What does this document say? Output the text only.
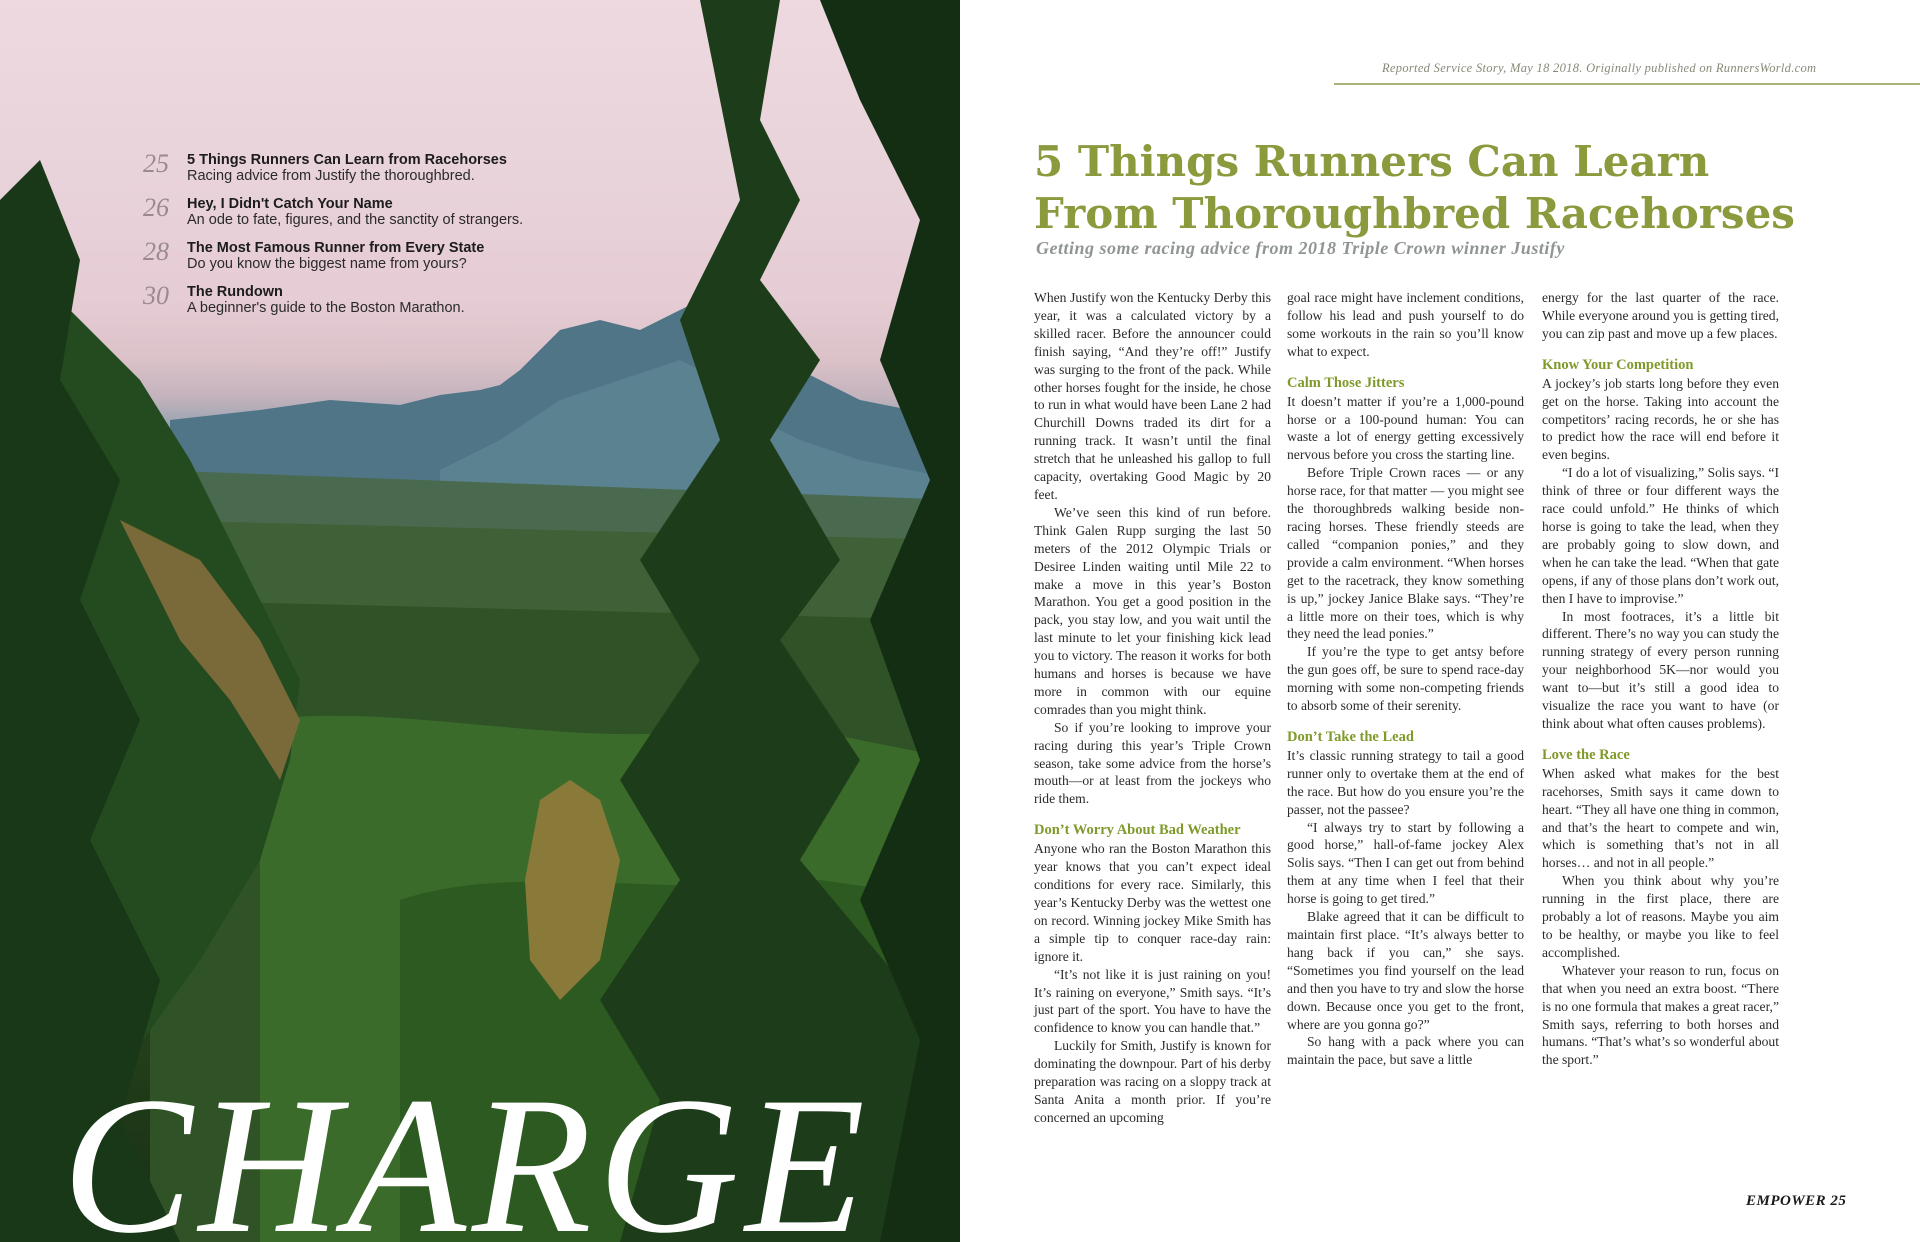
25	5 Things Runners Can Learn from Racehorses
Racing advice from Justify the thoroughbred.
26	Hey, I Didn't Catch Your Name
An ode to fate, figures, and the sanctity of strangers.
28	The Most Famous Runner from Every State
Do you know the biggest name from yours?
30	The Rundown
A beginner's guide to the Boston Marathon.
CHARGE
Reported Service Story, May 18 2018. Originally published on RunnersWorld.com
5 Things Runners Can Learn
From Thoroughbred Racehorses
Getting some racing advice from 2018 Triple Crown winner Justify

When Justify won the Kentucky Derby this year, it was a calculated victory by a skilled racer. Before the announcer could finish saying, “And they’re off!” Justify was surging to the front of the pack. While other horses fought for the inside, he chose to run in what would have been Lane 2 had Churchill Downs traded its dirt for a running track. It wasn’t until the final stretch that he unleashed his gallop to full capacity, overtaking Good Magic by 20 feet.

We’ve seen this kind of run before. Think Galen Rupp surging the last 50 meters of the 2012 Olympic Trials or Desiree Linden waiting until Mile 22 to make a move in this year’s Boston Marathon. You get a good position in the pack, you stay low, and you wait until the last minute to let your finishing kick lead you to victory. The reason it works for both humans and horses is because we have more in common with our equine comrades than you might think.

So if you’re looking to improve your racing during this year’s Triple Crown season, take some advice from the horse’s mouth—or at least from the jockeys who ride them.

Don’t Worry About Bad Weather

Anyone who ran the Boston Marathon this year knows that you can’t expect ideal conditions for every race. Similarly, this year’s Kentucky Derby was the wettest one on record. Winning jockey Mike Smith has a simple tip to conquer race-day rain: ignore it.

“It’s not like it is just raining on you! It’s raining on everyone,” Smith says. “It’s just part of the sport. You have to have the confidence to know you can handle that.”

Luckily for Smith, Justify is known for dominating the downpour. Part of his derby preparation was racing on a sloppy track at Santa Anita a month prior. If you’re concerned an upcoming

goal race might have inclement conditions, follow his lead and push yourself to do some workouts in the rain so you’ll know what to expect.

Calm Those Jitters

It doesn’t matter if you’re a 1,000-pound horse or a 100-pound human: You can waste a lot of energy getting excessively nervous before you cross the starting line.

Before Triple Crown races — or any horse race, for that matter — you might see the thoroughbreds walking beside non-racing horses. These friendly steeds are called “companion ponies,” and they provide a calm environment. “When horses get to the racetrack, they know something is up,” jockey Janice Blake says. “They’re a little more on their toes, which is why they need the lead ponies.”

If you’re the type to get antsy before the gun goes off, be sure to spend race-day morning with some non-competing friends to absorb some of their serenity.

Don’t Take the Lead

It’s classic running strategy to tail a good runner only to overtake them at the end of the race. But how do you ensure you’re the passer, not the passee?

“I always try to start by following a good horse,” hall-of-fame jockey Alex Solis says. “Then I can get out from behind them at any time when I feel that their horse is going to get tired.”

Blake agreed that it can be difficult to maintain first place. “It’s always better to hang back if you can,” she says. “Sometimes you find yourself on the lead and then you have to try and slow the horse down. Because once you get to the front, where are you gonna go?”

So hang with a pack where you can maintain the pace, but save a little

energy for the last quarter of the race. While everyone around you is getting tired, you can zip past and move up a few places.

Know Your Competition

A jockey’s job starts long before they even get on the horse. Taking into account the competitors’ racing records, he or she has to predict how the race will end before it even begins.

“I do a lot of visualizing,” Solis says. “I think of three or four different ways the race could unfold.” He thinks of which horse is going to take the lead, when they are probably going to slow down, and when he can take the lead. “When that gate opens, if any of those plans don’t work out, then I have to improvise.”

In most footraces, it’s a little bit different. There’s no way you can study the running strategy of every person running your neighborhood 5K—nor would you want to—but it’s still a good idea to visualize the race you want to have (or think about what often causes problems).

Love the Race

When asked what makes for the best racehorses, Smith says it came down to heart. “They all have one thing in common, and that’s the heart to compete and win, which is something that’s not in all horses… and not in all people.”

When you think about why you’re running in the first place, there are probably a lot of reasons. Maybe you aim to be healthy, or maybe you like to feel accomplished.

Whatever your reason to run, focus on that when you need an extra boost. “There is no one formula that makes a great racer,” Smith says, referring to both horses and humans. “That’s what’s so wonderful about the sport.”

EMPOWER 25
